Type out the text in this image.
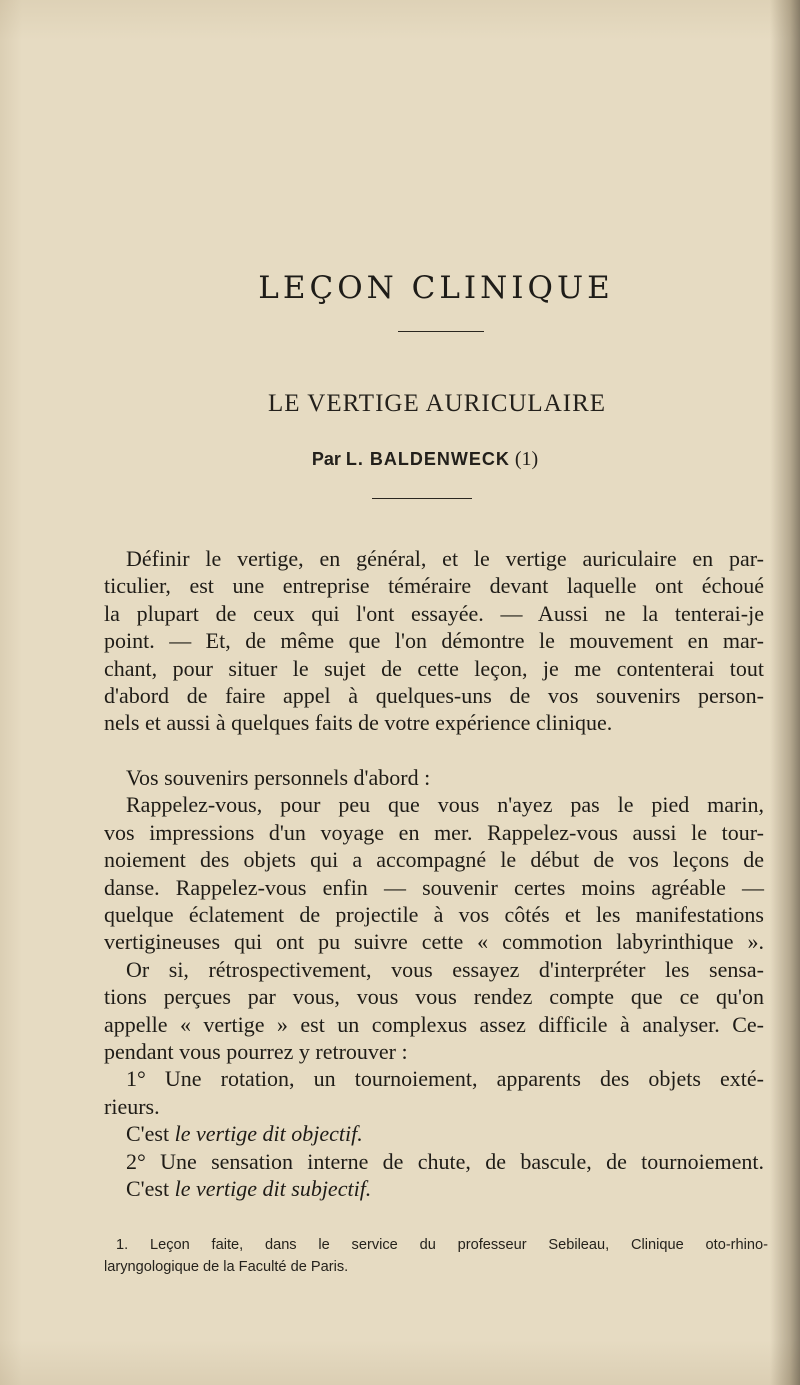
LEÇON CLINIQUE
LE VERTIGE AURICULAIRE
Par L. BALDENWECK (1)
Définir le vertige, en général, et le vertige auriculaire en par-
ticulier, est une entreprise téméraire devant laquelle ont échoué
la plupart de ceux qui l'ont essayée. — Aussi ne la tenterai-je
point. — Et, de même que l'on démontre le mouvement en mar-
chant, pour situer le sujet de cette leçon, je me contenterai tout
d'abord de faire appel à quelques-uns de vos souvenirs person-
nels et aussi à quelques faits de votre expérience clinique.
Vos souvenirs personnels d'abord :
Rappelez-vous, pour peu que vous n'ayez pas le pied marin,
vos impressions d'un voyage en mer. Rappelez-vous aussi le tour-
noiement des objets qui a accompagné le début de vos leçons de
danse. Rappelez-vous enfin — souvenir certes moins agréable —
quelque éclatement de projectile à vos côtés et les manifestations
vertigineuses qui ont pu suivre cette « commotion labyrinthique ».
Or si, rétrospectivement, vous essayez d'interpréter les sensa-
tions perçues par vous, vous vous rendez compte que ce qu'on
appelle « vertige » est un complexus assez difficile à analyser. Ce-
pendant vous pourrez y retrouver :
1° Une rotation, un tournoiement, apparents des objets exté-
rieurs.
C'est le vertige dit objectif.
2° Une sensation interne de chute, de bascule, de tournoiement.
C'est le vertige dit subjectif.
1. Leçon faite, dans le service du professeur Sebileau, Clinique oto-rhino-
laryngologique de la Faculté de Paris.
